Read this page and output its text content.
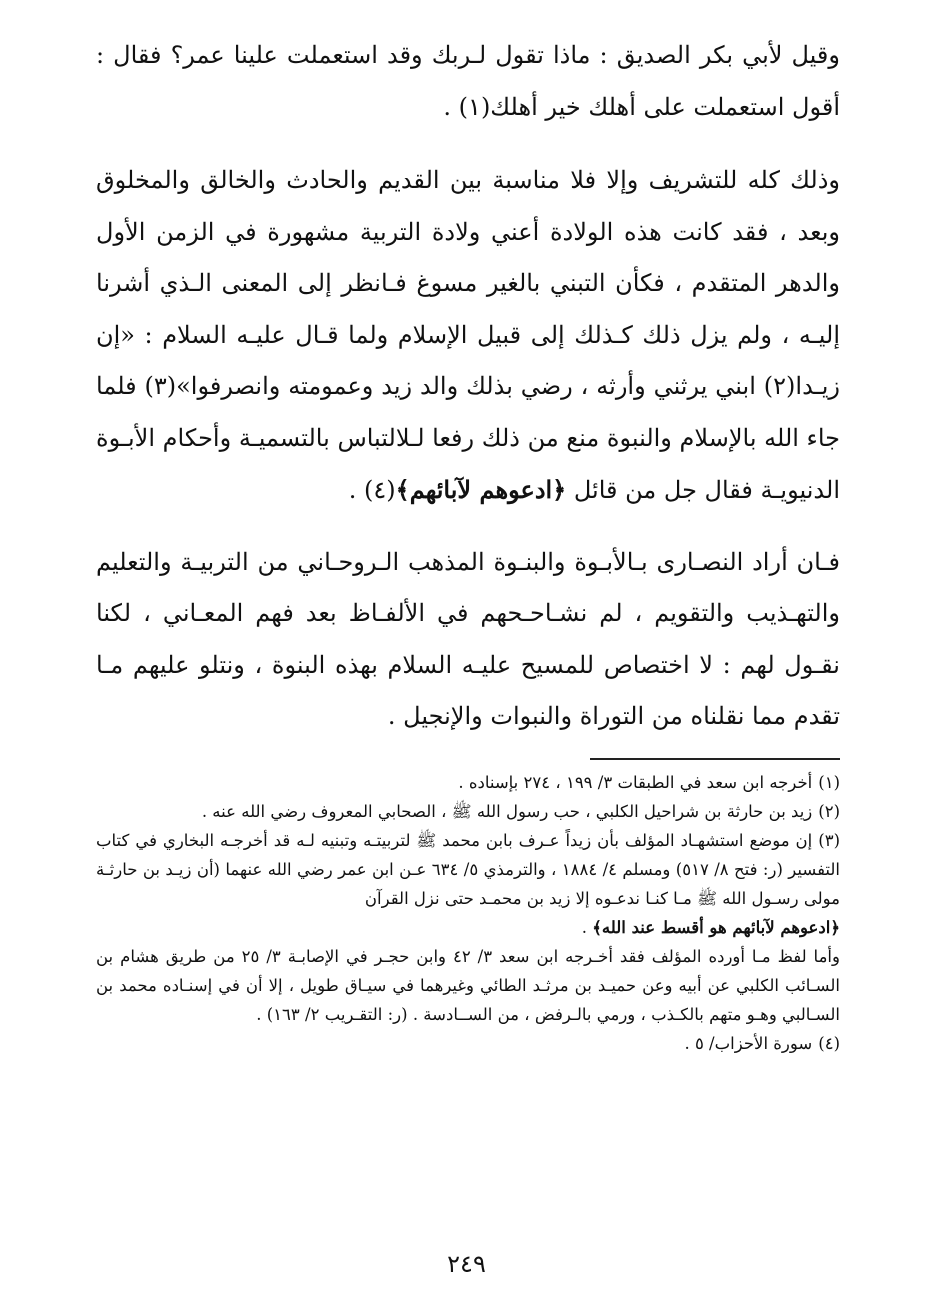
وقيل لأبي بكر الصديق : ماذا تقول لـربك وقد استعملت علينا عمر؟ فقال : أقول استعملت على أهلك خير أهلك(١) .

وذلك كله للتشريف وإلا فلا مناسبة بين القديم والحادث والخالق والمخلوق وبعد ، فقد كانت هذه الولادة أعني ولادة التربية مشهورة في الزمن الأول والدهر المتقدم ، فكأن التبني بالغير مسوغ فـانظر إلى المعنى الـذي أشرنا إليـه ، ولم يزل ذلك كـذلك إلى قبيل الإسلام ولما قـال عليـه السلام : «إن زيـدا(٢) ابني يرثني وأرثه ، رضي بذلك والد زيد وعمومته وانصرفوا»(٣) فلما جاء الله بالإسلام والنبوة منع من ذلك رفعا لـلالتباس بالتسميـة وأحكام الأبـوة الدنيويـة فقال جل من قائل ﴿ادعوهم لآبائهم﴾(٤) .

فـان أراد النصـارى بـالأبـوة والبنـوة المذهب الـروحـاني من التربيـة والتعليم والتهـذيب والتقويم ، لم نشـاحـحهم في الألفـاظ بعد فهم المعـاني ، لكنا نقـول لهم : لا اختصاص للمسيح عليـه السلام بهذه البنوة ، ونتلو عليهم مـا تقدم مما نقلناه من التوراة والنبوات والإنجيل .

(١)أخرجه ابن سعد في الطبقات ٣/ ١٩٩ ، ٢٧٤ بإسناده .

(٢)زيد بن حارثة بن شراحيل الكلبي ، حب رسول الله ﷺ ، الصحابي المعروف رضي الله عنه .

(٣)إن موضع استشهـاد المؤلف بأن زيداً عـرف بابن محمد ﷺ لتربيتـه وتبنيه لـه قد أخرجـه البخاري في كتاب التفسير (ر: فتح ٨/ ٥١٧) ومسلم ٤/ ١٨٨٤ ، والترمذي ٥/ ٦٣٤ عـن ابن عمر رضي الله عنهما (أن زيـد بن حارثـة مولى رسـول الله ﷺ مـا كنـا ندعـوه إلا زيد بن محمـد حتى نزل القرآن
﴿ادعوهم لآبائهم هو أقسط عند الله﴾ .

وأما لفظ مـا أورده المؤلف فقد أخـرجه ابن سعد ٣/ ٤٢ وابن حجـر في الإصابـة ٣/ ٢٥ من طريق هشام بن السـائب الكلبي عن أبيه وعن حميـد بن مرثـد الطائي وغيرهما في سيـاق طويل ، إلا أن في إسنـاده محمد بن السـالبي وهـو متهم بالكـذب ، ورمي بالـرفض ، من الســادسة . (ر: التقـريب ٢/ ١٦٣) .

(٤)سورة الأحزاب/ ٥ .

٢٤٩
